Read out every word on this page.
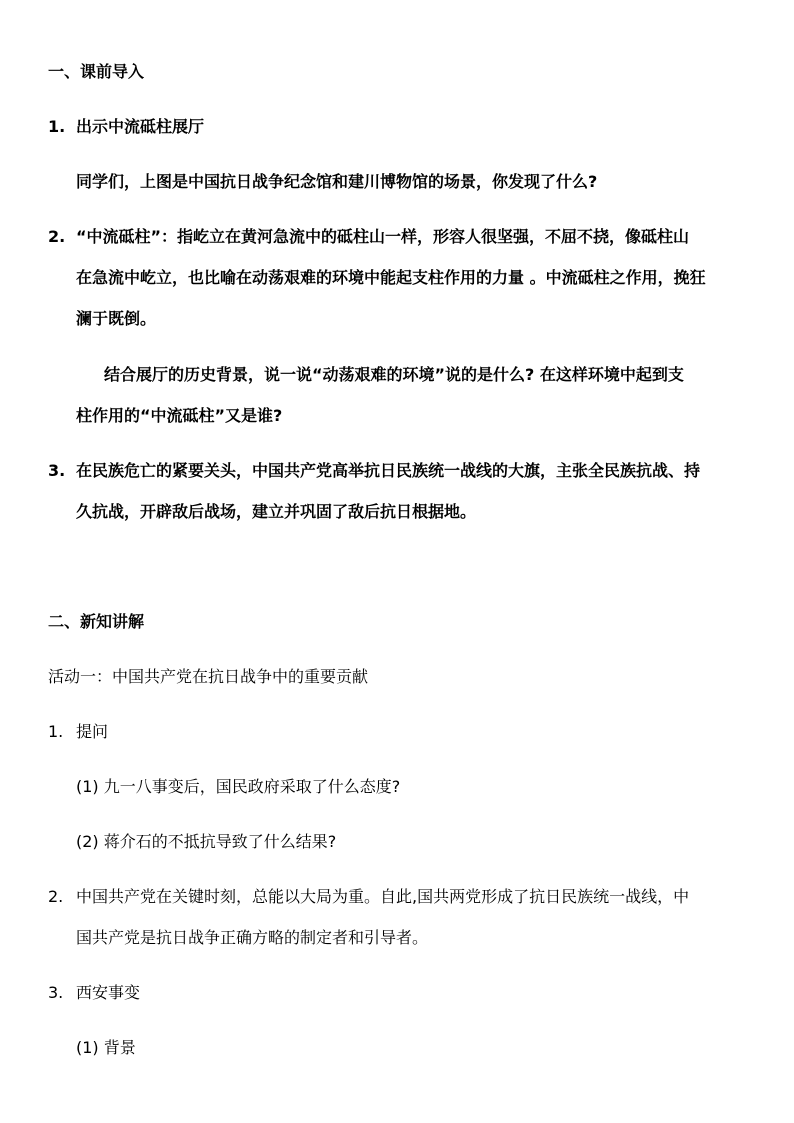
一、课前导入
1. 出示中流砥柱展厅
同学们，上图是中国抗日战争纪念馆和建川博物馆的场景，你发现了什么?
2. “中流砥柱”：指屹立在黄河急流中的砥柱山一样，形容人很坚强，不屈不挠，像砥柱山
在急流中屹立，也比喻在动荡艰难的环境中能起支柱作用的力量 。中流砥柱之作用，挽狂
澜于既倒。
结合展厅的历史背景，说一说“动荡艰难的环境”说的是什么? 在这样环境中起到支
柱作用的“中流砥柱”又是谁?
3. 在民族危亡的紧要关头，中国共产党高举抗日民族统一战线的大旗，主张全民族抗战、持
久抗战，开辟敌后战场，建立并巩固了敌后抗日根据地。
二、新知讲解
活动一：中国共产党在抗日战争中的重要贡献
1. 提问
(1) 九一八事变后，国民政府采取了什么态度?
(2) 蒋介石的不抵抗导致了什么结果?
2. 中国共产党在关键时刻，总能以大局为重。自此,国共两党形成了抗日民族统一战线，中
国共产党是抗日战争正确方略的制定者和引导者。
3. 西安事变
(1) 背景
